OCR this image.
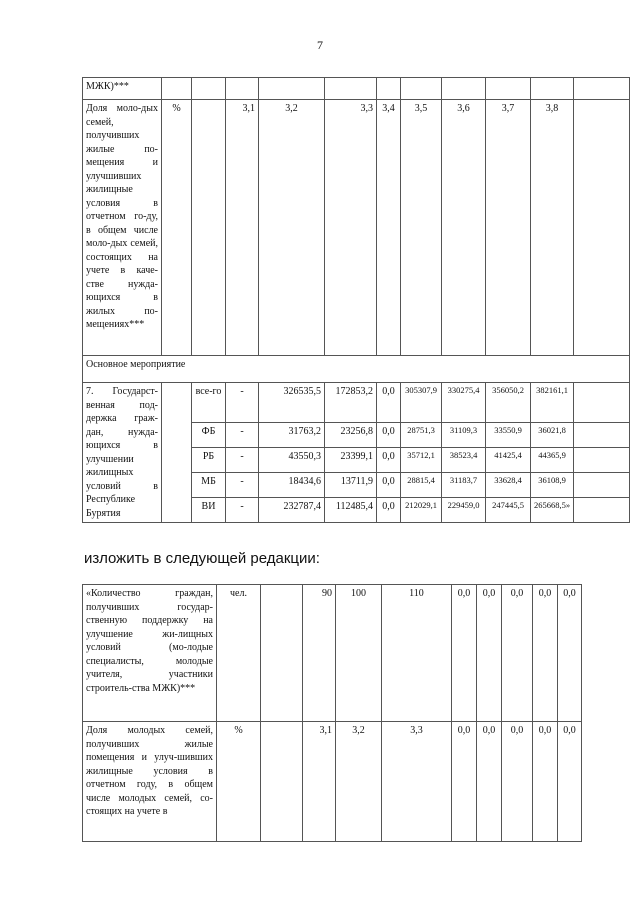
7
МЖК)***											
Доля моло-дых семей, получивших жилые по-мещения и улучшивших жилищные условия в отчетном го-ду, в общем числе моло-дых семей, состоящих на учете в каче-стве нужда-ющихся в жилых по-мещениях***	%		3,1	3,2	3,3	3,4	3,5	3,6	3,7	3,8	
Основное мероприятие											
7. Государст-венная под-держка граж-дан, нужда-ющихся в улучшении жилищных условий в Республике Бурятия		все-го	-	326535,5	172853,2	0,0	305307,9	330275,4	356050,2	382161,1	
		ФБ	-	31763,2	23256,8	0,0	28751,3	31109,3	33550,9	36021,8	
		РБ	-	43550,3	23399,1	0,0	35712,1	38523,4	41425,4	44365,9	
		МБ	-	18434,6	13711,9	0,0	28815,4	31183,7	33628,4	36108,9	
		ВИ	-	232787,4	112485,4	0,0	212029,1	229459,0	247445,5	265668,5»	
изложить в следующей редакции:
«Количество граждан, получивших государ-ственную поддержку на улучшение жи-лищных условий (мо-лодые специалисты, молодые учителя, участники строитель-ства МЖК)***	чел.		90	100	110	0,0	0,0	0,0	0,0	0,0
Доля молодых семей, получивших жилые помещения и улуч-шивших жилищные условия в отчетном году, в общем числе молодых семей, со-стоящих на учете в	%		3,1	3,2	3,3	0,0	0,0	0,0	0,0	0,0
